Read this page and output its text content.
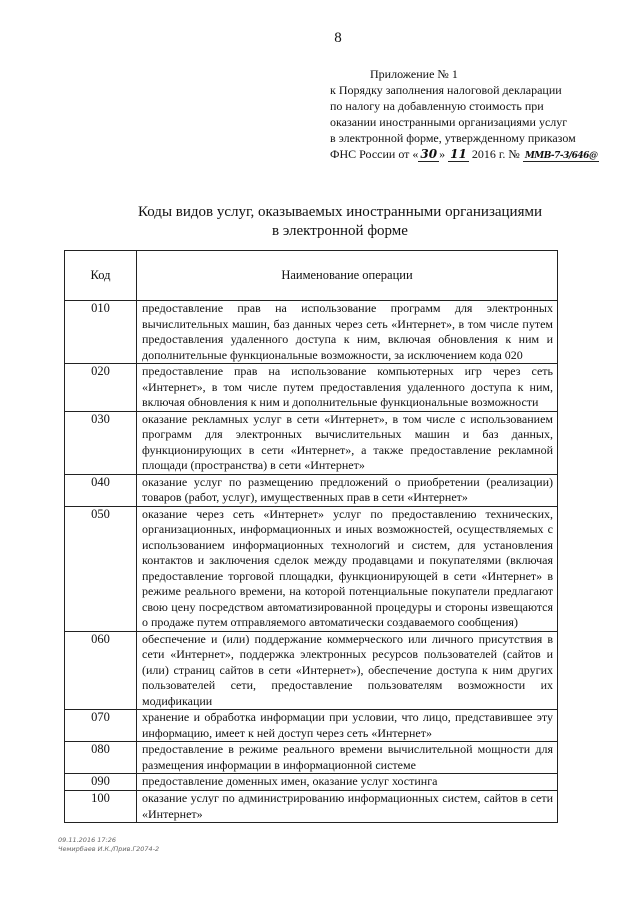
8
Приложение № 1
к Порядку заполнения налоговой декларации
по налогу на добавленную стоимость при
оказании иностранными организациями услуг
в электронной форме, утвержденному приказом
ФНС России от « 30 » 11 2016 г. № ММВ-7-3/646@
Коды видов услуг, оказываемых иностранными организациями
в электронной форме
Код	Наименование операции
010	предоставление прав на использование программ для электронных вычислительных машин, баз данных через сеть «Интернет», в том числе путем предоставления удаленного доступа к ним, включая обновления к ним и дополнительные функциональные возможности, за исключением кода 020
020	предоставление прав на использование компьютерных игр через сеть «Интернет», в том числе путем предоставления удаленного доступа к ним, включая обновления к ним и дополнительные функциональные возможности
030	оказание рекламных услуг в сети «Интернет», в том числе с использованием программ для электронных вычислительных машин и баз данных, функционирующих в сети «Интернет», а также предоставление рекламной площади (пространства) в сети «Интернет»
040	оказание услуг по размещению предложений о приобретении (реализации) товаров (работ, услуг), имущественных прав в сети «Интернет»
050	оказание через сеть «Интернет» услуг по предоставлению технических, организационных, информационных и иных возможностей, осуществляемых с использованием информационных технологий и систем, для установления контактов и заключения сделок между продавцами и покупателями (включая предоставление торговой площадки, функционирующей в сети «Интернет» в режиме реального времени, на которой потенциальные покупатели предлагают свою цену посредством автоматизированной процедуры и стороны извещаются о продаже путем отправляемого автоматически создаваемого сообщения)
060	обеспечение и (или) поддержание коммерческого или личного присутствия в сети «Интернет», поддержка электронных ресурсов пользователей (сайтов и (или) страниц сайтов в сети «Интернет»), обеспечение доступа к ним других пользователей сети, предоставление пользователям возможности их модификации
070	хранение и обработка информации при условии, что лицо, представившее эту информацию, имеет к ней доступ через сеть «Интернет»
080	предоставление в режиме реального времени вычислительной мощности для размещения информации в информационной системе
090	предоставление доменных имен, оказание услуг хостинга
100	оказание услуг по администрированию информационных систем, сайтов в сети «Интернет»
09.11.2016 17:26
Чемирбаев И.К./Прив.Г2074-2
